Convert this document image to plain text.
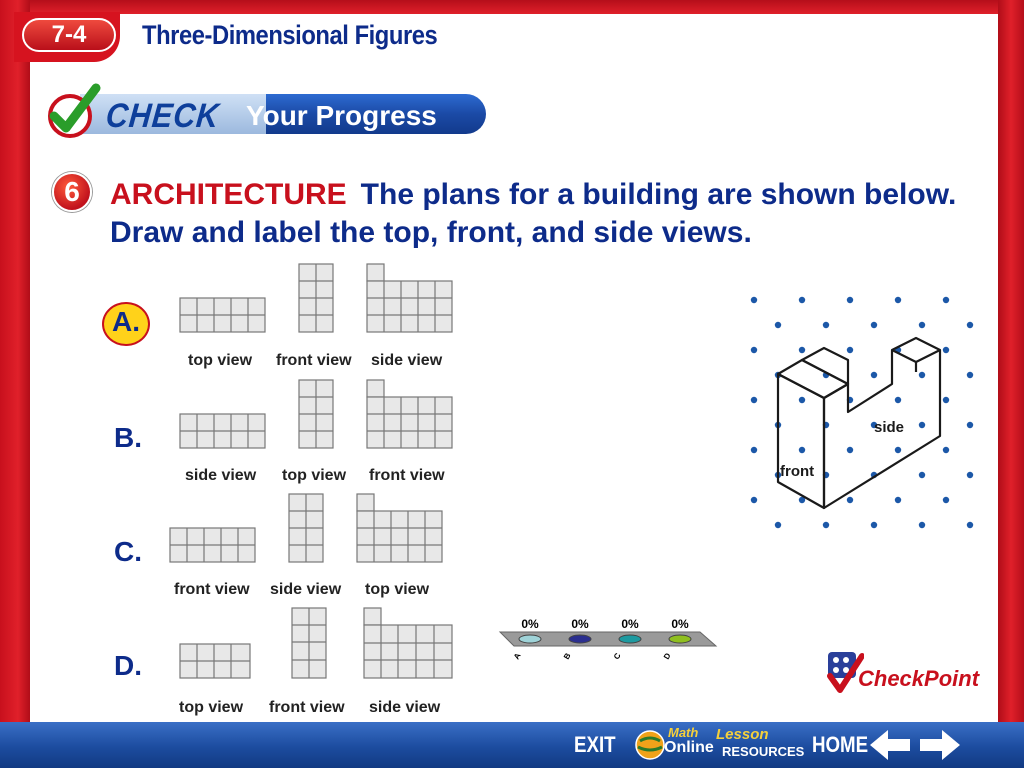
7-4	Three-Dimensional Figures
CHECK Your Progress
6	ARCHITECTURE The plans for a building are shown below. Draw and label the top, front, and side views.
A.
top view front view side view
B.
side view top view front view
C.
front view side view top view
D.
top view front view side view
side
front
0%
A
0%
B
0%
C
0%
D
CheckPoint
EXIT	Math
Online
Lesson
RESOURCES HOME
